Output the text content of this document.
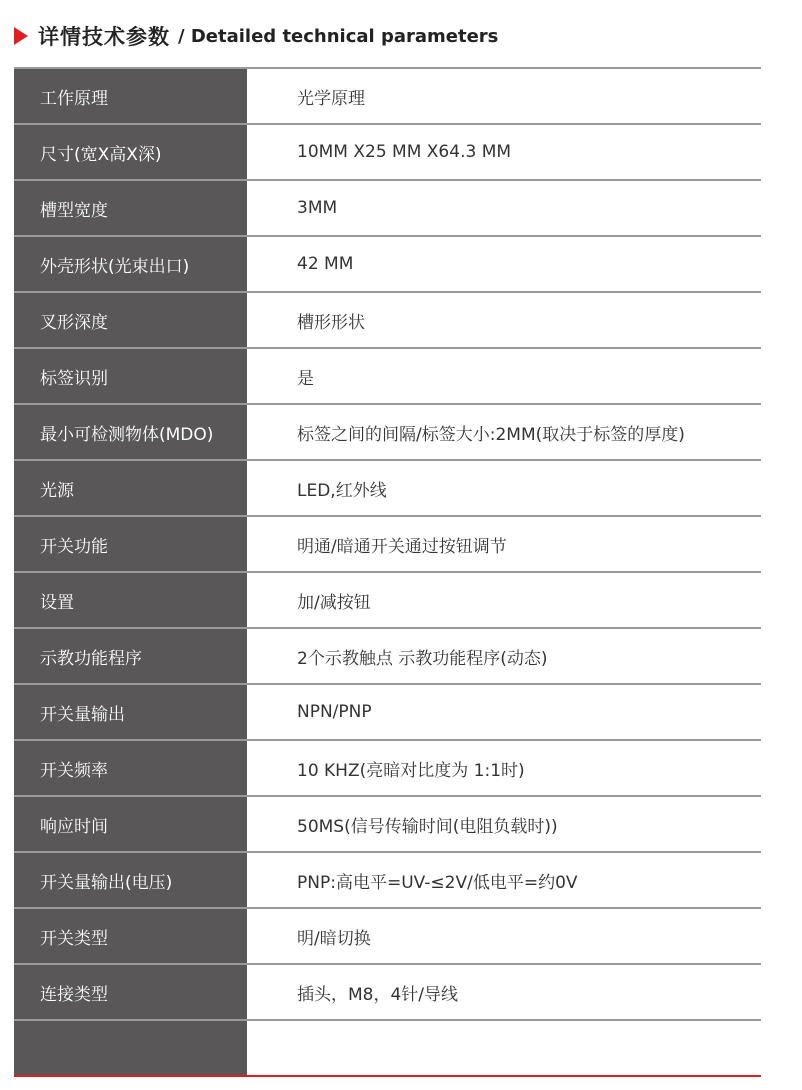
详情技术参数 / Detailed technical parameters
工作原理	光学原理
尺寸(宽X高X深)	10MM X25 MM X64.3 MM
槽型宽度	3MM
外壳形状(光束出口)	42 MM
叉形深度	槽形形状
标签识别	是
最小可检测物体(MDO)	标签之间的间隔/标签大小:2MM(取决于标签的厚度)
光源	LED,红外线
开关功能	明通/暗通开关通过按钮调节
设置	加/减按钮
示教功能程序	2个示教触点 示教功能程序(动态)
开关量输出	NPN/PNP
开关频率	10 KHZ(亮暗对比度为 1:1时)
响应时间	50MS(信号传输时间(电阻负载时))
开关量输出(电压)	PNP:高电平=UV-≤2V/低电平=约0V
开关类型	明/暗切换
连接类型	插头，M8，4针/导线
